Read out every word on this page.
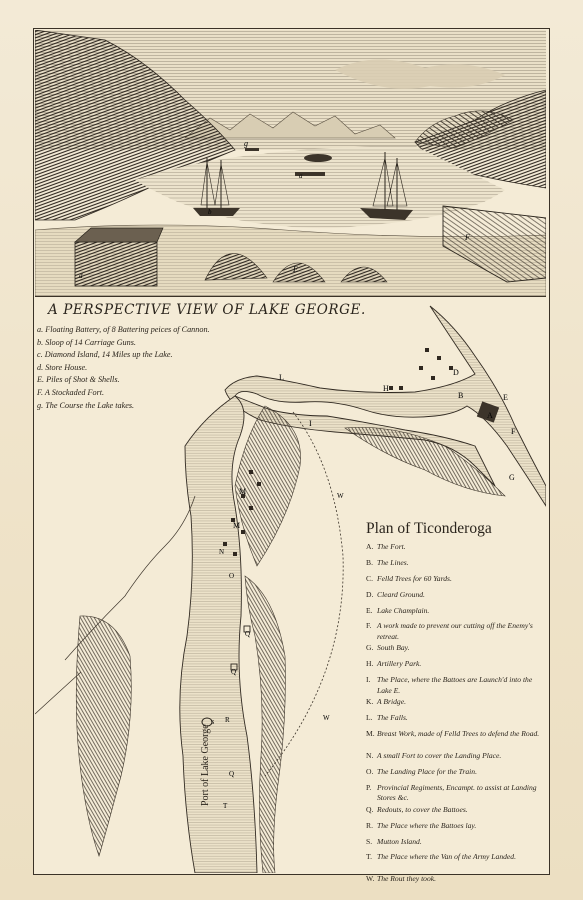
g
b
a
d
E
F
A PERSPECTIVE VIEW OF LAKE GEORGE.
a. Floating Battery, of 8 Battering peices of Cannon.
b. Sloop of 14 Carriage Guns.
c. Diamond Island, 14 Miles up the Lake.
d. Store House.
E. Piles of Shot & Shells.
F. A Stockaded Fort.
g. The Course the Lake takes.
A
B
D
E
F
G
H
I
L
M
M
N
O
Q
Q
Q
R
S
T
W
W
Port of Lake George
Plan of Ticonderoga
A. The Fort.
B. The Lines.
C. Felld Trees for 60 Yards.
D. Cleard Ground.
E. Lake Champlain.
F. A work made to prevent our cutting off the Enemy's retreat.
G. South Bay.
H. Artillery Park.
I. The Place, where the Battoes are Launch'd into the Lake E.
K. A Bridge.
L. The Falls.
M. Breast Work, made of Felld Trees to defend the Road.
N. A small Fort to cover the Landing Place.
O. The Landing Place for the Train.
P. Provincial Regiments, Encampt. to assist at Landing Stores &c.
Q. Redouts, to cover the Battoes.
R. The Place where the Battoes lay.
S. Mutton Island.
T. The Place where the Van of the Army Landed.
W. The Rout they took.
